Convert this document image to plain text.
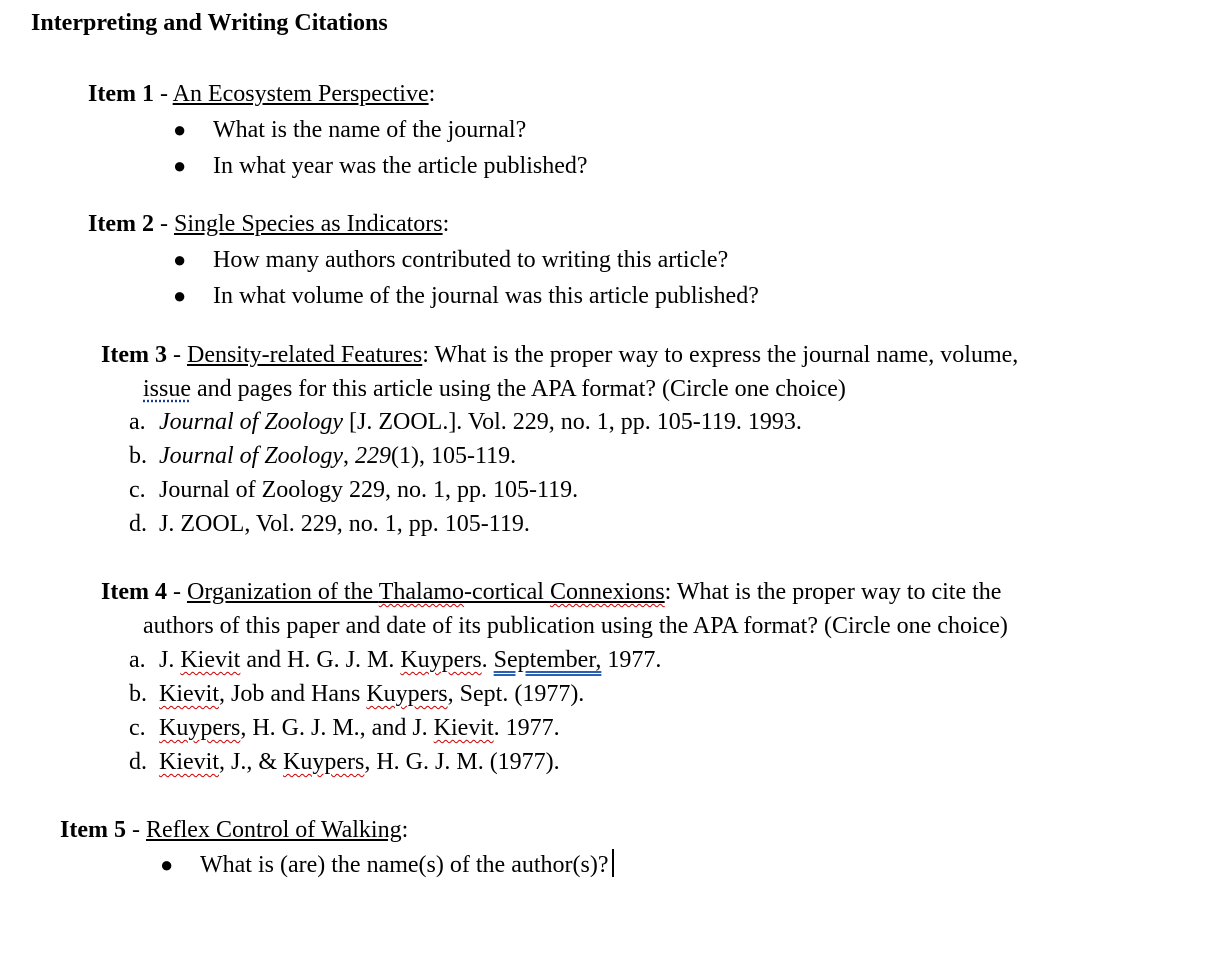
Interpreting and Writing Citations
Item 1 - An Ecosystem Perspective:
● What is the name of the journal?
● In what year was the article published?
Item 2 - Single Species as Indicators:
● How many authors contributed to writing this article?
● In what volume of the journal was this article published?
Item 3 - Density-related Features: What is the proper way to express the journal name, volume,
issue and pages for this article using the APA format? (Circle one choice)
a. Journal of Zoology [J. ZOOL.]. Vol. 229, no. 1, pp. 105-119. 1993.
b. Journal of Zoology, 229(1), 105-119.
c. Journal of Zoology 229, no. 1, pp. 105-119.
d. J. ZOOL, Vol. 229, no. 1, pp. 105-119.
Item 4 - Organization of the Thalamo-cortical Connexions: What is the proper way to cite the
authors of this paper and date of its publication using the APA format? (Circle one choice)
a. J. Kievit and H. G. J. M. Kuypers. September, 1977.
b. Kievit, Job and Hans Kuypers, Sept. (1977).
c. Kuypers, H. G. J. M., and J. Kievit. 1977.
d. Kievit, J., & Kuypers, H. G. J. M. (1977).
Item 5 - Reflex Control of Walking:
● What is (are) the name(s) of the author(s)?
